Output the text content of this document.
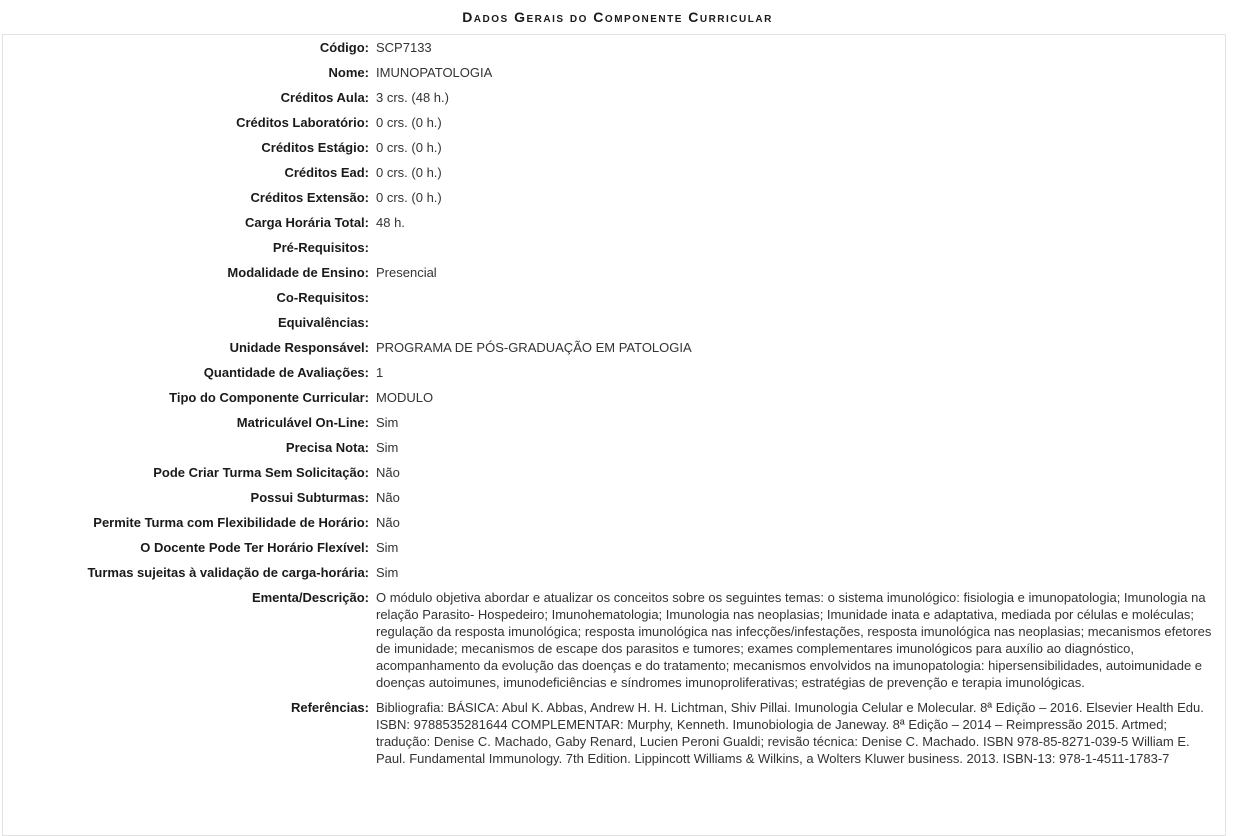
Dados Gerais do Componente Curricular
Código:	SCP7133
Nome:	IMUNOPATOLOGIA
Créditos Aula:	3 crs. (48 h.)
Créditos Laboratório:	0 crs. (0 h.)
Créditos Estágio:	0 crs. (0 h.)
Créditos Ead:	0 crs. (0 h.)
Créditos Extensão:	0 crs. (0 h.)
Carga Horária Total:	48 h.
Pré-Requisitos:	
Modalidade de Ensino:	Presencial
Co-Requisitos:	
Equivalências:	
Unidade Responsável:	PROGRAMA DE PÓS-GRADUAÇÃO EM PATOLOGIA
Quantidade de Avaliações:	1
Tipo do Componente Curricular:	MODULO
Matriculável On-Line:	Sim
Precisa Nota:	Sim
Pode Criar Turma Sem Solicitação:	Não
Possui Subturmas:	Não
Permite Turma com Flexibilidade de Horário:	Não
O Docente Pode Ter Horário Flexível:	Sim
Turmas sujeitas à validação de carga-horária:	Sim
Ementa/Descrição:	O módulo objetiva abordar e atualizar os conceitos sobre os seguintes temas: o sistema imunológico: fisiologia e imunopatologia; Imunologia na relação Parasito- Hospedeiro; Imunohematologia; Imunologia nas neoplasias; Imunidade inata e adaptativa, mediada por células e moléculas; regulação da resposta imunológica; resposta imunológica nas infecções/infestações, resposta imunológica nas neoplasias; mecanismos efetores de imunidade; mecanismos de escape dos parasitos e tumores; exames complementares imunológicos para auxílio ao diagnóstico, acompanhamento da evolução das doenças e do tratamento; mecanismos envolvidos na imunopatologia: hipersensibilidades, autoimunidade e doenças autoimunes, imunodeficiências e síndromes imunoproliferativas; estratégias de prevenção e terapia imunológicas.
Referências:	Bibliografia: BÁSICA: Abul K. Abbas, Andrew H. H. Lichtman, Shiv Pillai. Imunologia Celular e Molecular. 8ª Edição – 2016. Elsevier Health Edu. ISBN: 9788535281644 COMPLEMENTAR: Murphy, Kenneth. Imunobiologia de Janeway. 8ª Edição – 2014 – Reimpressão 2015. Artmed; tradução: Denise C. Machado, Gaby Renard, Lucien Peroni Gualdi; revisão técnica: Denise C. Machado. ISBN 978-85-8271-039-5 William E. Paul. Fundamental Immunology. 7th Edition. Lippincott Williams & Wilkins, a Wolters Kluwer business. 2013. ISBN-13: 978-1-4511-1783-7
